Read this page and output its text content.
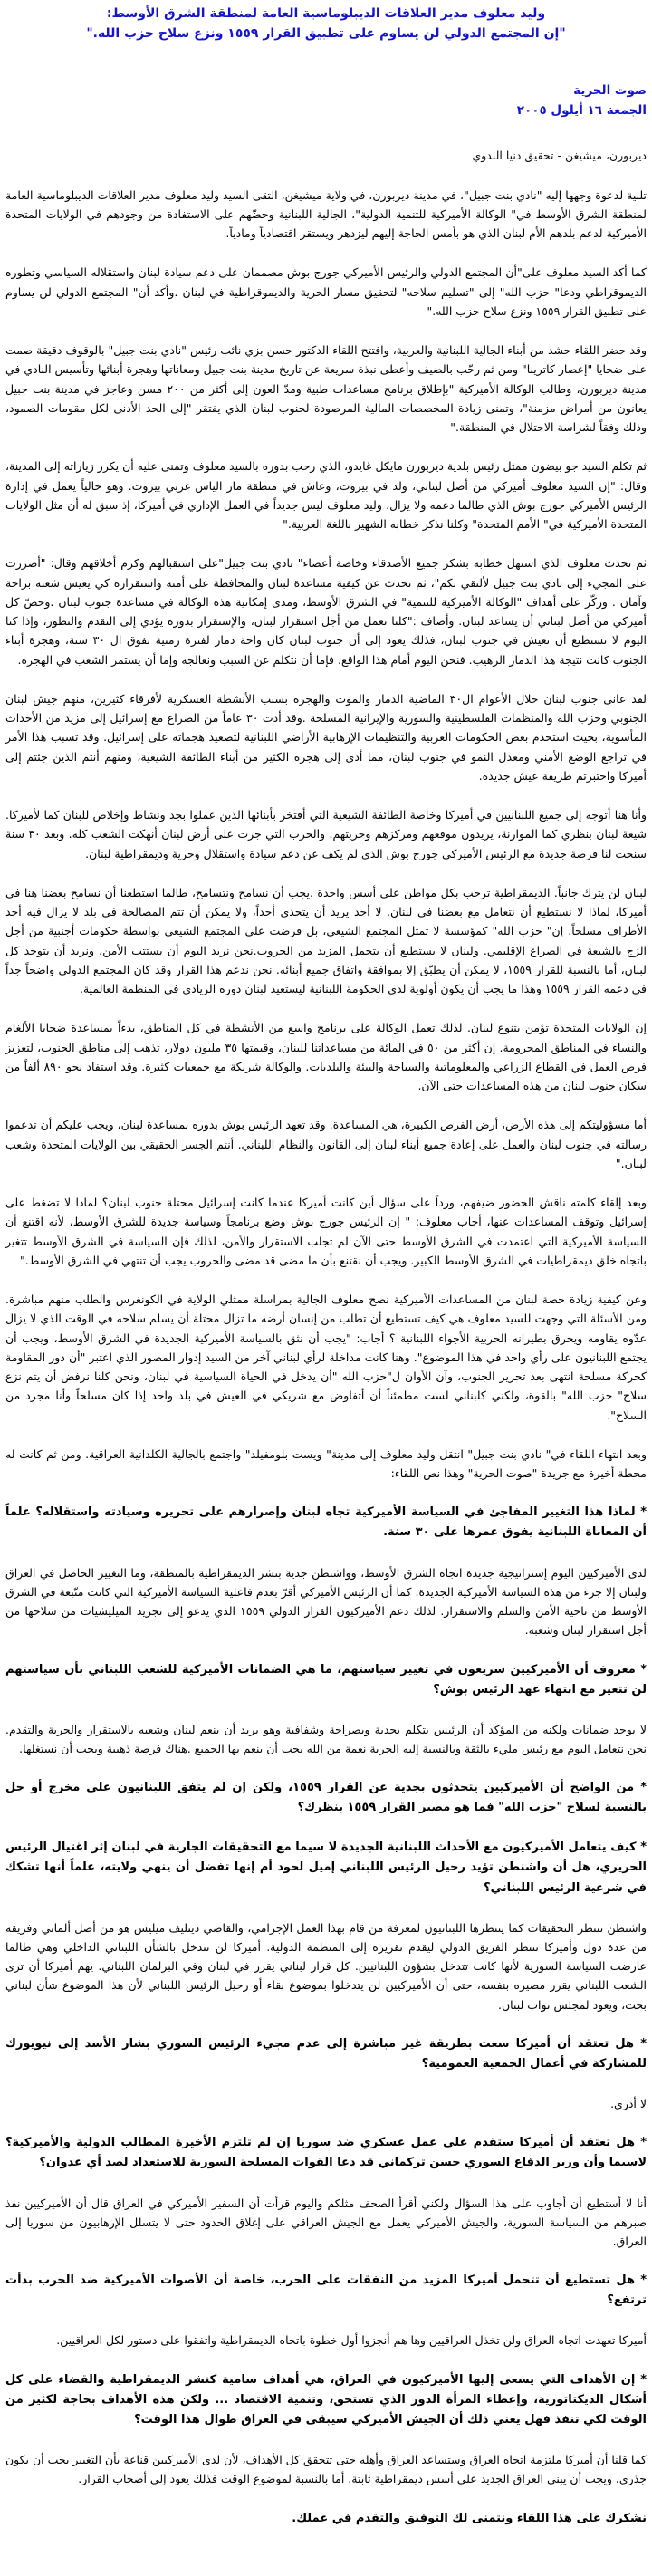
وليد معلوف مدير العلاقات الديبلوماسية العامة لمنطقة الشرق الأوسط:
"إن المجتمع الدولي لن يساوم على تطبيق القرار ١٥٥٩ ونزع سلاح حزب الله."
صوت الحرية
الجمعة ١٦ أيلول ٢٠٠٥
ديربورن، ميشيغن - تحقيق دنيا البدوي

تلبية لدعوة وجهها إليه "نادي بنت جبيل"، في مدينة ديربورن، في ولاية ميشيغن، التقى السيد وليد معلوف مدير العلاقات الديبلوماسية العامة لمنطقة الشرق الأوسط في" الوكالة الأميركية للتنمية الدولية"، الجالية اللبنانية وحضّهم على الاستفادة من وجودهم في الولايات المتحدة الأميركية لدعم بلدهم الأم لبنان الذي هو بأمس الحاجة إليهم ليزدهر ويستقر اقتصادياً ومادياً.

كما أكد السيد معلوف على"أن المجتمع الدولي والرئيس الأميركي جورج بوش مصممان على دعم سيادة لبنان واستقلاله السياسي وتطوره الديموقراطي ودعا" حزب الله" إلى "تسليم سلاحه" لتحقيق مسار الحرية والديموقراطية في لبنان .وأكد أن" المجتمع الدولي لن يساوم على تطبيق القرار ١٥٥٩ ونزع سلاح حزب الله."

وقد حضر اللقاء حشد من أبناء الجالية اللبنانية والعربية، وافتتح اللقاء الدكتور حسن بزي نائب رئيس "نادي بنت جبيل" بالوقوف دقيقة صمت على ضحايا "إعصار كاترينا" ومن ثم رحّب بالضيف وأعطى نبذة سريعة عن تاريخ مدينة بنت جبيل ومعاناتها وهجرة أبنائها وتأسيس النادي في مدينة ديربورن، وطالب الوكالة الأميركية "بإطلاق برنامج مساعدات طبية ومدّ العون إلى أكثر من ٢٠٠ مسن وعاجز في مدينة بنت جبيل يعانون من أمراض مزمنة"، وتمنى زيادة المخصصات المالية المرصودة لجنوب لبنان الذي يفتقر "إلى الحد الأدنى لكل مقومات الصمود، وذلك وفقاً لشراسة الاحتلال في المنطقة."

ثم تكلم السيد جو بيضون ممثل رئيس بلدية ديربورن مايكل غايدو، الذي رحب بدوره بالسيد معلوف وتمنى عليه أن يكرر زياراته إلى المدينة، وقال: "إن السيد معلوف أميركي من أصل لبناني، ولد في بيروت، وعاش في منطقة مار الياس غربي بيروت. وهو حالياً يعمل في إدارة الرئيس الأميركي جورج بوش الذي طالما دعمه ولا يزال، وليد معلوف ليس جديداً في العمل الإداري في أميركا، إذ سبق له أن مثل الولايات المتحدة الأميركية في" الأمم المتحدة" وكلنا نذكر خطابه الشهير باللغة العربية."

ثم تحدث معلوف الذي استهل خطابه بشكر جميع الأصدقاء وخاصة أعضاء" نادي بنت جبيل"على استقبالهم وكرم أخلاقهم وقال: "أصررت على المجيء إلى نادي بنت جبيل لألتقي بكم"، ثم تحدث عن كيفية مساعدة لبنان والمحافظة على أمنه واستقراره كي يعيش شعبه براحة وآمان . وركّز على أهداف "الوكالة الأميركية للتنمية" في الشرق الأوسط، ومدى إمكانية هذه الوكالة في مساعدة جنوب لبنان .وحضّ كل أميركي من أصل لبناني أن يساعد لبنان. وأضاف :"كلنا نعمل من أجل استقرار لبنان، والإستقرار بدوره يؤدي إلى التقدم والتطور، وإذا كنا اليوم لا نستطيع أن نعيش في جنوب لبنان، فذلك يعود إلى أن جنوب لبنان كان واحة دمار لفترة زمنية تفوق ال ٣٠ سنة، وهجرة أبناء الجنوب كانت نتيجة هذا الدمار الرهيب. فنحن اليوم أمام هذا الواقع، فإما أن نتكلم عن السبب ونعالجه وإما أن يستمر الشعب في الهجرة.

لقد عانى جنوب لبنان خلال الأعوام ال٣٠ الماضية الدمار والموت والهجرة بسبب الأنشطة العسكرية لأفرقاء كثيرين، منهم جيش لبنان الجنوبي وحزب الله والمنظمات الفلسطينية والسورية والإيرانية المسلحة .وقد أدت ٣٠ عاماً من الصراع مع إسرائيل إلى مزيد من الأحداث المأسوية، بحيث استخدم بعض الحكومات العربية والتنظيمات الإرهابية الأراضي اللبنانية لتصعيد هجماته على إسرائيل. وقد تسبب هذا الأمر في تراجع الوضع الأمني ومعدل النمو في جنوب لبنان، مما أدى إلى هجرة الكثير من أبناء الطائفة الشيعية، ومنهم أنتم الذين جئتم إلى أميركا واختبرتم طريقة عيش جديدة.

وأنا هنا أتوجه إلى جميع اللبنانيين في أميركا وخاصة الطائفة الشيعية التي أفتخر بأبنائها الذين عملوا بجد ونشاط وإخلاص للبنان كما لأميركا. شيعة لبنان بنظري كما الموارنة، يريدون موقعهم ومركزهم وحريتهم. والحرب التي جرت على أرض لبنان أنهكت الشعب كله. وبعد ٣٠ سنة سنحت لنا فرصة جديدة مع الرئيس الأميركي جورج بوش الذي لم يكف عن دعم سيادة واستقلال وحرية وديمقراطية لبنان.

لبنان لن يترك جانباً. الديمقراطية ترحب بكل مواطن على أسس واحدة .يجب أن نسامح ونتسامح، طالما استطعنا أن نسامح بعضنا هنا في أميركا، لماذا لا نستطيع أن نتعامل مع بعضنا في لبنان. لا أحد يريد أن يتحدى أحداً، ولا يمكن أن تتم المصالحة في بلد لا يزال فيه أحد الأطراف مسلحاً. إن" حزب الله" كمؤسسة لا تمثل المجتمع الشيعي، بل فرضت على المجتمع الشيعي بواسطة حكومات أجنبية من أجل الزج بالشيعة في الصراع الإقليمي. ولبنان لا يستطيع أن يتحمل المزيد من الحروب.نحن نريد اليوم أن يستتب الأمن، ونريد أن يتوحد كل لبنان، أما بالنسبة للقرار ١٥٥٩، لا يمكن أن يطبّق إلا بموافقة واتفاق جميع أبنائه. نحن ندعم هذا القرار وقد كان المجتمع الدولي واضحاً جداً في دعمه القرار ١٥٥٩ وهذا ما يجب أن يكون أولوية لدى الحكومة اللبنانية ليستعيد لبنان دوره الريادي في المنظمة العالمية.

إن الولايات المتحدة تؤمن بتنوع لبنان. لذلك تعمل الوكالة على برنامج واسع من الأنشطة في كل المناطق، بدءاً بمساعدة ضحايا الألغام والنساء في المناطق المحرومة. إن أكثر من ٥٠ في المائة من مساعداتنا للبنان، وقيمتها ٣٥ مليون دولار، تذهب إلى مناطق الجنوب، لتعزيز فرص العمل في القطاع الزراعي والمعلوماتية والسياحة والبيئة والبلديات. والوكالة شريكة مع جمعيات كثيرة. وقد استفاد نحو ٨٩٠ ألفاً من سكان جنوب لبنان من هذه المساعدات حتى الآن.

أما مسؤوليتكم إلى هذه الأرض، أرض الفرص الكبيرة، هي المساعدة. وقد تعهد الرئيس بوش بدوره بمساعدة لبنان، ويجب عليكم أن تدعموا رسالته في جنوب لبنان والعمل على إعادة جميع أبناء لبنان إلى القانون والنظام اللبناني. أنتم الجسر الحقيقي بين الولايات المتحدة وشعب لبنان."

وبعد إلقاء كلمته ناقش الحضور ضيفهم، ورداً على سؤال أين كانت أميركا عندما كانت إسرائيل محتلة جنوب لبنان؟ لماذا لا تضغط على إسرائيل وتوقف المساعدات عنها، أجاب معلوف: " إن الرئيس جورج بوش وضع برنامجاً وسياسة جديدة للشرق الأوسط، لأنه اقتنع أن السياسة الأميركية التي اعتمدت في الشرق الأوسط حتى الآن لم تجلب الاستقرار والأمن، لذلك فإن السياسة في الشرق الأوسط تتغير باتجاه خلق ديمقراطيات في الشرق الأوسط الكبير. ويجب أن نقتنع بأن ما مضى قد مضى والحروب يجب أن تنتهي في الشرق الأوسط."

وعن كيفية زيادة حصة لبنان من المساعدات الأميركية نصح معلوف الجالية بمراسلة ممثلي الولاية في الكونغرس والطلب منهم مباشرة. ومن الأسئلة التي وجهت للسيد معلوف هي كيف تستطيع أن تطلب من إنسان أرضه ما تزال محتلة أن يسلم سلاحه في الوقت الذي لا يزال عدّوه يقاومه ويخرق بطيرانه الحربية الأجواء اللبنانية ؟ أجاب: "يجب أن نثق بالسياسة الأميركية الجديدة في الشرق الأوسط، ويجب أن يجتمع اللبنانيون على رأي واحد في هذا الموضوع". وهنا كانت مداخلة لرأي لبناني آخر من السيد إدوار المصور الذي اعتبر "أن دور المقاومة كحركة مسلحة انتهى بعد تحرير الجنوب، وآن الأوان ل"حزب الله "أن يدخل في الحياة السياسية في لبنان، ونحن كلنا نرفض أن يتم نزع سلاح" حزب الله" بالقوة، ولكني كلبناني لست مطمئناً أن أتفاوض مع شريكي في العيش في بلد واحد إذا كان مسلحاً وأنا مجرد من السلاح".

وبعد انتهاء اللقاء في" نادي بنت جبيل" انتقل وليد معلوف إلى مدينة" ويست بلومفيلد" واجتمع بالجالية الكلدانية العراقية. ومن ثم كانت له محطة أخيرة مع جريدة "صوت الحرية" وهذا نص اللقاء:

* لماذا هذا التغيير المفاجئ في السياسة الأميركية تجاه لبنان وإصرارهم على تحريره وسيادته واستقلاله؟ علماً أن المعاناة اللبنانية يفوق عمرها على ٣٠ سنة.

لدى الأميركيين اليوم إستراتيجية جديدة اتجاه الشرق الأوسط، وواشنطن جدية بنشر الديمقراطية بالمنطقة، وما التغيير الحاصل في العراق ولبنان إلا جزء من هذه السياسة الأميركية الجديدة. كما أن الرئيس الأميركي أقرّ بعدم فاعلية السياسة الأميركية التي كانت متّبعة في الشرق الأوسط من ناحية الأمن والسلم والاستقرار. لذلك دعم الأميركيون القرار الدولي ١٥٥٩ الذي يدعو إلى تجريد الميليشيات من سلاحها من أجل استقرار لبنان وشعبه.

* معروف أن الأميركيين سريعون في تغيير سياستهم، ما هي الضمانات الأميركية للشعب اللبناني بأن سياستهم لن تتغير مع انتهاء عهد الرئيس بوش؟

لا يوجد ضمانات ولكنه من المؤكد أن الرئيس يتكلم بجدية وبصراحة وشفافية وهو يريد أن ينعم لبنان وشعبه بالاستقرار والحرية والتقدم. نحن نتعامل اليوم مع رئيس مليء بالثقة وبالنسبة إليه الحرية نعمة من الله يجب أن ينعم بها الجميع .هناك فرصة ذهبية ويجب أن نستغلها.

* من الواضح أن الأميركيين يتحدثون بجدية عن القرار ١٥٥٩، ولكن إن لم يتفق اللبنانيون على مخرج أو حل بالنسبة لسلاح "حزب الله" فما هو مصير القرار ١٥٥٩ بنظرك؟

* كيف يتعامل الأميركيون مع الأحداث اللبنانية الجديدة لا سيما مع التحقيقات الجارية في لبنان إثر اغتيال الرئيس الحريري، هل أن واشنطن تؤيد رحيل الرئيس اللبناني إميل لحود أم إنها تفضل أن ينهي ولايته، علماً أنها تشكك في شرعية الرئيس اللبناني؟

واشنطن تنتظر التحقيقات كما ينتظرها اللبنانيون لمعرفة من قام بهذا العمل الإجرامي، والقاضي ديتليف ميليس هو من أصل ألماني وفريقه من عدة دول وأميركا تنتظر الفريق الدولي ليقدم تقريره إلى المنظمة الدولية. أميركا لن تتدخل بالشأن اللبناني الداخلي وهي طالما عارضت السياسة السورية لأنها كانت تتدخل بشؤون اللبنانيين. كل قرار لبناني يقرر في لبنان وفي البرلمان اللبناني. يهم أميركا أن ترى الشعب اللبناني يقرر مصيره بنفسه، حتى أن الأميركيين لن يتدخلوا بموضوع بقاء أو رحيل الرئيس اللبناني لأن هذا الموضوع شأن لبناني بحت، ويعود لمجلس نواب لبنان.

* هل تعتقد أن أميركا سعت بطريقة غير مباشرة إلى عدم مجيء الرئيس السوري بشار الأسد إلى نيويورك للمشاركة في أعمال الجمعية العمومية؟

لا أدري.

* هل تعتقد أن أميركا ستقدم على عمل عسكري ضد سوريا إن لم تلتزم الأخيرة المطالب الدولية والأميركية؟ لاسيما وأن وزير الدفاع السوري حسن تركماني قد دعا القوات المسلحة السورية للاستعداد لصد أي عدوان؟

أنا لا أستطيع أن أجاوب على هذا السؤال ولكني أقرأ الصحف مثلكم واليوم قرأت أن السفير الأميركي في العراق قال أن الأميركيين نفذ صبرهم من السياسة السورية، والجيش الأميركي يعمل مع الجيش العراقي على إغلاق الحدود حتى لا يتسلل الإرهابيون من سوريا إلى العراق.

* هل تستطيع أن تتحمل أميركا المزيد من النفقات على الحرب، خاصة أن الأصوات الأميركية ضد الحرب بدأت ترتفع؟

أميركا تعهدت اتجاه العراق ولن تخذل العراقيين وها هم أنجزوا أول خطوة باتجاه الديمقراطية واتفقوا على دستور لكل العراقيين.

* إن الأهداف التي يسعى إليها الأميركيون في العراق، هي أهداف سامية كنشر الديمقراطية والقضاء على كل أشكال الديكتاتورية، وإعطاء المرأة الدور الذي تستحق، وتنمية الاقتصاد ... ولكن هذه الأهداف بحاجة لكثير من الوقت لكي تنفذ فهل يعني ذلك أن الجيش الأميركي سيبقى في العراق طوال هذا الوقت؟

كما قلنا أن أميركا ملتزمة اتجاه العراق وستساعد العراق وأهله حتى تتحقق كل الأهداف، لأن لدى الأميركيين قناعة بأن التغيير يجب أن يكون جذري، ويجب أن يبنى العراق الجديد على أسس ديمقراطية ثابتة. أما بالنسبة لموضوع الوقت فذلك يعود إلى أصحاب القرار.

نشكرك على هذا اللقاء ونتمنى لك التوفيق والتقدم في عملك.
